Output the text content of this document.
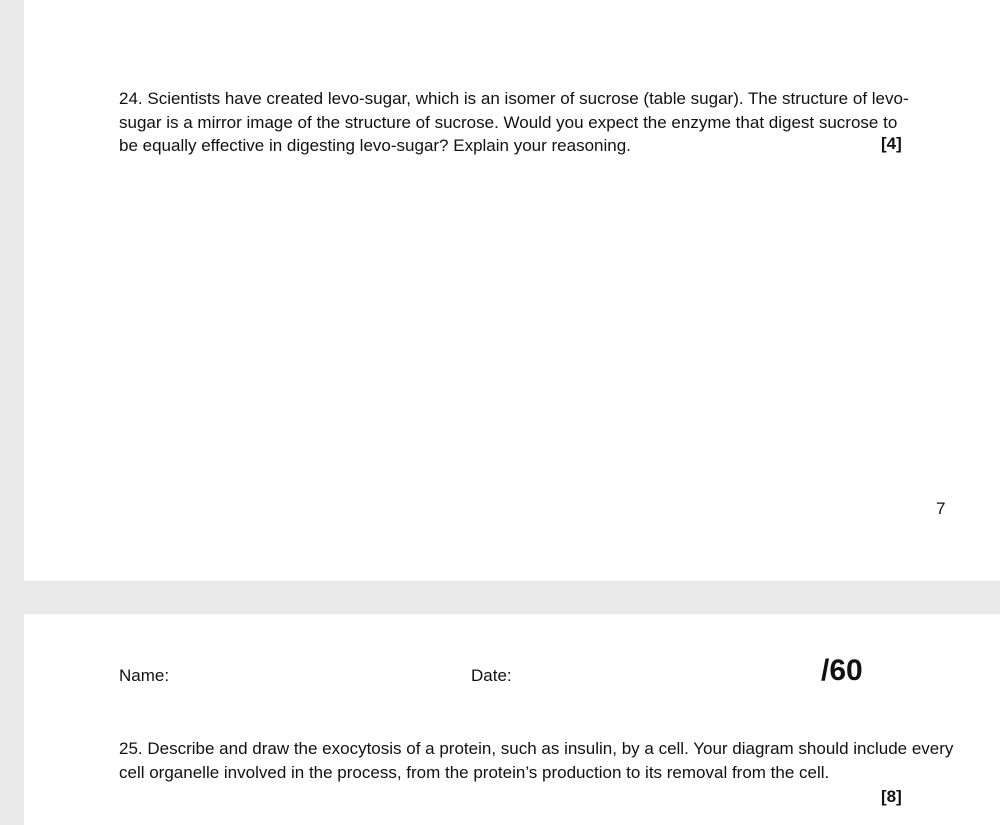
24. Scientists have created levo-sugar, which is an isomer of sucrose (table sugar). The structure of levo-sugar is a mirror image of the structure of sucrose. Would you expect the enzyme that digest sucrose to be equally effective in digesting levo-sugar? Explain your reasoning.	[4]
7
Name:	Date:	/60

25. Describe and draw the exocytosis of a protein, such as insulin, by a cell. Your diagram should include every cell organelle involved in the process, from the protein’s production to its removal from the cell.

[8]
